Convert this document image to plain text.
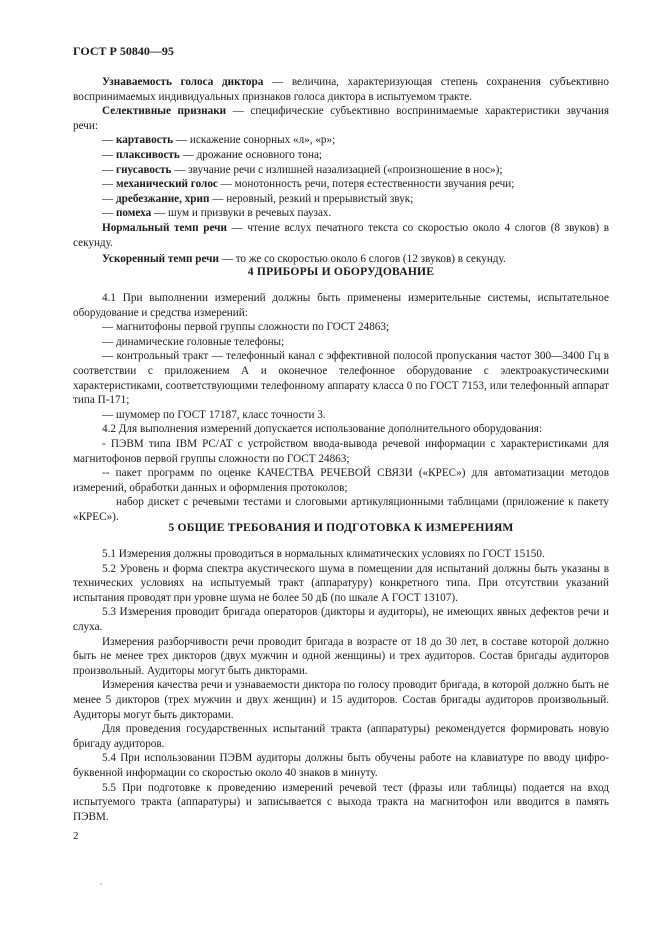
ГОСТ Р 50840—95

Узнаваемость голоса диктора — величина, характеризующая степень сохранения субъективно воспринимаемых индивидуальных признаков голоса диктора в испытуемом тракте.

Селективные признаки — специфические субъективно воспринимаемые характеристики звучания речи:

— картавость — искажение сонорных «л», «р»;

— плаксивость — дрожание основного тона;

— гнусавость — звучание речи с излишней назализацией («произношение в нос»);

— механический голос — монотонность речи, потеря естественности звучания речи;

— дребезжание, хрип — неровный, резкий и прерывистый звук;

— помеха — шум и призвуки в речевых паузах.

Нормальный темп речи — чтение вслух печатного текста со скоростью около 4 слогов (8 звуков) в секунду.

Ускоренный темп речи — то же со скоростью около 6 слогов (12 звуков) в секунду.

4 ПРИБОРЫ И ОБОРУДОВАНИЕ

4.1 При выполнении измерений должны быть применены измерительные системы, испытательное оборудование и средства измерений:

— магнитофоны первой группы сложности по ГОСТ 24863;

— динамические головные телефоны;

— контрольный тракт — телефонный канал с эффективной полосой пропускания частот 300—3400 Гц в соответствии с приложением А и оконечное телефонное оборудование с электроакустическими характеристиками, соответствующими телефонному аппарату класса 0 по ГОСТ 7153, или телефонный аппарат типа П-171;

— шумомер по ГОСТ 17187, класс точности 3.

4.2 Для выполнения измерений допускается использование дополнительного оборудования:

- ПЭВМ типа IBM PC/AT с устройством ввода-вывода речевой информации с характеристиками для магнитофонов первой группы сложности по ГОСТ 24863;

-- пакет программ по оценке КАЧЕСТВА РЕЧЕВОЙ СВЯЗИ («КРЕС») для автоматизации методов измерений, обработки данных и оформления протоколов;

набор дискет с речевыми тестами и слоговыми артикуляционными таблицами (приложение к пакету «КРЕС»).

5 ОБЩИЕ ТРЕБОВАНИЯ И ПОДГОТОВКА К ИЗМЕРЕНИЯМ

5.1 Измерения должны проводиться в нормальных климатических условиях по ГОСТ 15150.

5.2 Уровень и форма спектра акустического шума в помещении для испытаний должны быть указаны в технических условиях на испытуемый тракт (аппаратуру) конкретного типа. При отсутствии указаний испытания проводят при уровне шума не более 50 дБ (по шкале А ГОСТ 13107).

5.3 Измерения проводит бригада операторов (дикторы и аудиторы), не имеющих явных дефектов речи и слуха.

Измерения разборчивости речи проводит бригада в возрасте от 18 до 30 лет, в составе которой должно быть не менее трех дикторов (двух мужчин и одной женщины) и трех аудиторов. Состав бригады аудиторов произвольный. Аудиторы могут быть дикторами.

Измерения качества речи и узнаваемости диктора по голосу проводит бригада, в которой должно быть не менее 5 дикторов (трех мужчин и двух женщин) и 15 аудиторов. Состав бригады аудиторов произвольный. Аудиторы могут быть дикторами.

Для проведения государственных испытаний тракта (аппаратуры) рекомендуется формировать новую бригаду аудиторов.

5.4 При использовании ПЭВМ аудиторы должны быть обучены работе на клавиатуре по вводу цифро-буквенной информации со скоростью около 40 знаков в минуту.

5.5 При подготовке к проведению измерений речевой тест (фразы или таблицы) подается на вход испытуемого тракта (аппаратуры) и записывается с выхода тракта на магнитофон или вводится в память ПЭВМ.

2
